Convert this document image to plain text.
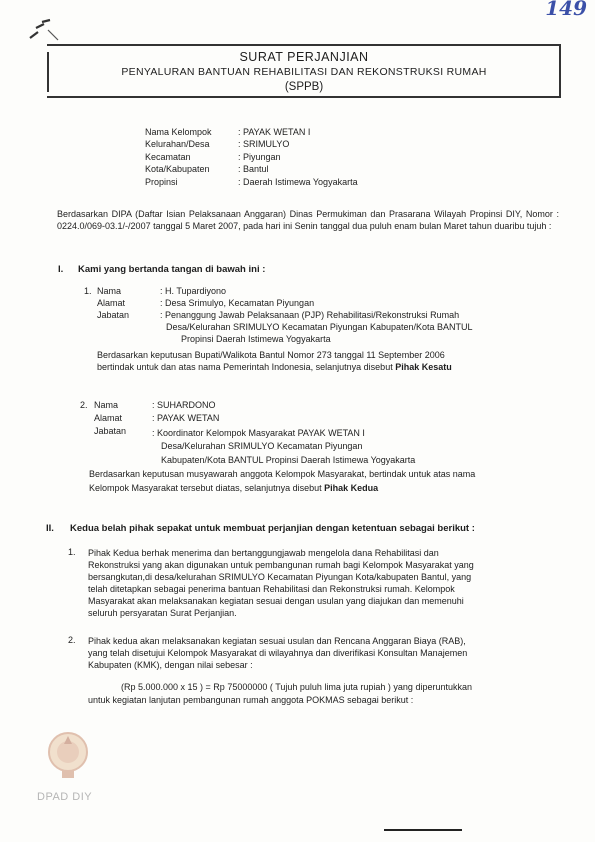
149
SURAT PERJANJIAN
PENYALURAN BANTUAN REHABILITASI DAN REKONSTRUKSI RUMAH
(SPPB)
Nama Kelompok	: PAYAK WETAN I
Kelurahan/Desa	: SRIMULYO
Kecamatan	: Piyungan
Kota/Kabupaten	: Bantul
Propinsi	: Daerah Istimewa Yogyakarta
Berdasarkan DIPA (Daftar Isian Pelaksanaan Anggaran) Dinas Permukiman dan Prasarana Wilayah Propinsi DIY, Nomor : 0224.0/069-03.1/-/2007 tanggal 5 Maret 2007, pada hari ini Senin tanggal dua puluh enam bulan Maret tahun duaribu tujuh :
I. Kami yang bertanda tangan di bawah ini :
1. Nama	: H. Tupardiyono
Alamat	: Desa Srimulyo, Kecamatan Piyungan
Jabatan	: Penanggung Jawab Pelaksanaan (PJP) Rehabilitasi/Rekonstruksi Rumah
Desa/Kelurahan SRIMULYO Kecamatan Piyungan Kabupaten/Kota BANTUL
Propinsi Daerah Istimewa Yogyakarta
Berdasarkan keputusan Bupati/Walikota Bantul Nomor 273 tanggal 11 September 2006
bertindak untuk dan atas nama Pemerintah Indonesia, selanjutnya disebut Pihak Kesatu
2. Nama	: SUHARDONO
Alamat	: PAYAK WETAN
Jabatan	: Koordinator Kelompok Masyarakat PAYAK WETAN I
Desa/Kelurahan SRIMULYO Kecamatan Piyungan
Kabupaten/Kota BANTUL Propinsi Daerah Istimewa Yogyakarta
Berdasarkan keputusan musyawarah anggota Kelompok Masyarakat, bertindak untuk atas nama
Kelompok Masyarakat tersebut diatas, selanjutnya disebut Pihak Kedua
II. Kedua belah pihak sepakat untuk membuat perjanjian dengan ketentuan sebagai berikut :
1. Pihak Kedua berhak menerima dan bertanggungjawab mengelola dana Rehabilitasi dan
Rekonstruksi yang akan digunakan untuk pembangunan rumah bagi Kelompok Masyarakat yang
bersangkutan,di desa/kelurahan SRIMULYO Kecamatan Piyungan Kota/kabupaten Bantul, yang
telah ditetapkan sebagai penerima bantuan Rehabilitasi dan Rekonstruksi rumah. Kelompok
Masyarakat akan melaksanakan kegiatan sesuai dengan usulan yang diajukan dan memenuhi
seluruh persyaratan Surat Perjanjian.
2. Pihak kedua akan melaksanakan kegiatan sesuai usulan dan Rencana Anggaran Biaya (RAB),
yang telah disetujui Kelompok Masyarakat di wilayahnya dan diverifikasi Konsultan Manajemen
Kabupaten (KMK), dengan nilai sebesar :
(Rp 5.000.000 x 15 ) = Rp 75000000 ( Tujuh puluh lima juta rupiah ) yang diperuntukkan
untuk kegiatan lanjutan pembangunan rumah anggota POKMAS sebagai berikut :
DPAD DIY
